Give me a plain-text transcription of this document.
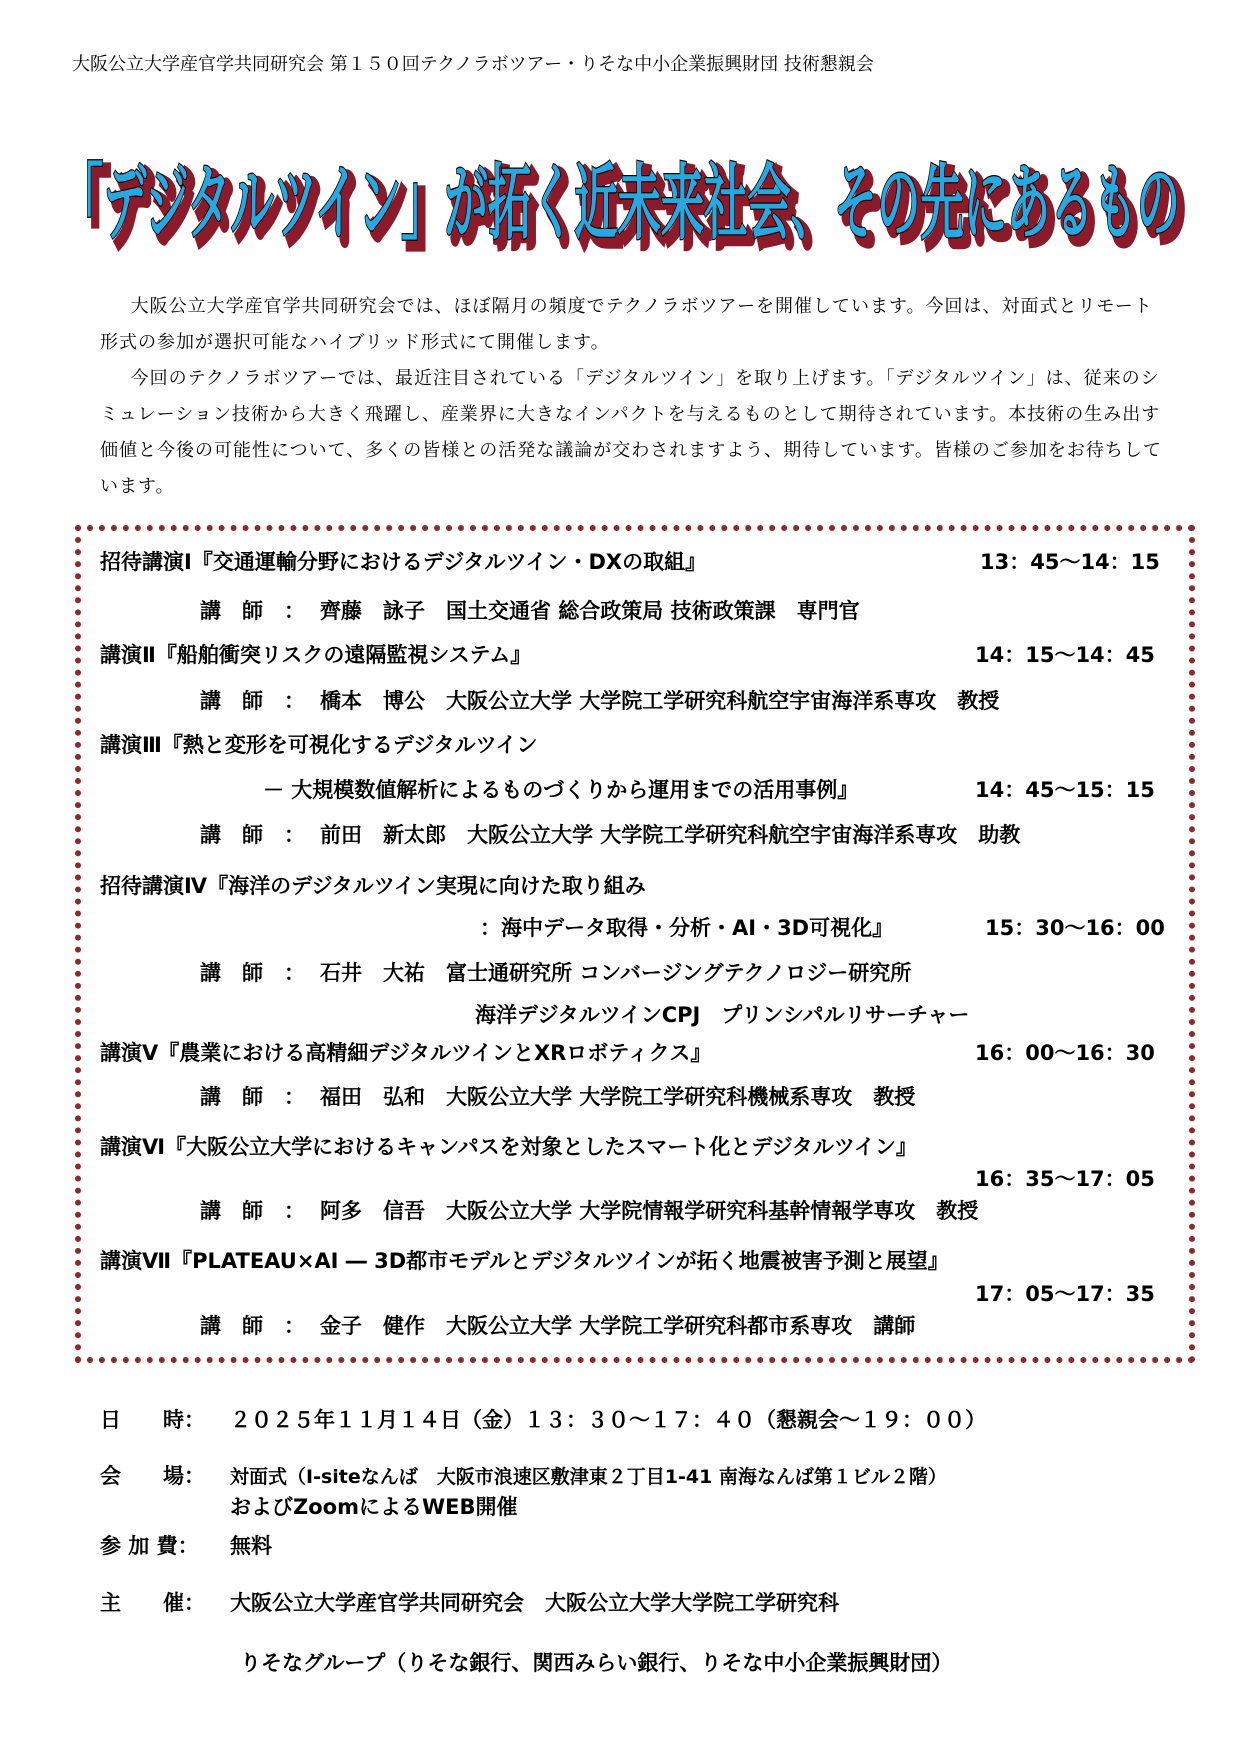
大阪公立大学産官学共同研究会 第１５０回テクノラボツアー・りそな中小企業振興財団 技術懇親会
「デジタルツイン」が拓く近未来社会、その先にあるもの
「デジタルツイン」が拓く近未来社会、その先にあるもの

大阪公立大学産官学共同研究会では、ほぼ隔月の頻度でテクノラボツアーを開催しています。今回は、対面式とリモート形式の参加が選択可能なハイブリッド形式にて開催します。

今回のテクノラボツアーでは、最近注目されている「デジタルツイン」を取り上げます。「デジタルツイン」は、従来のシミュレーション技術から大きく飛躍し、産業界に大きなインパクトを与えるものとして期待されています。本技術の生み出す価値と今後の可能性について、多くの皆様との活発な議論が交わされますよう、期待しています。皆様のご参加をお待ちしています。

招待講演Ⅰ『交通運輸分野におけるデジタルツイン・DXの取組』	13：45～14：15
講　師　： 齊藤　詠子　国土交通省 総合政策局 技術政策課　専門官
講演Ⅱ『船舶衝突リスクの遠隔監視システム』	14：15～14：45
講　師　： 橋本　博公　大阪公立大学 大学院工学研究科航空宇宙海洋系専攻　教授
講演Ⅲ『熱と変形を可視化するデジタルツイン
－ 大規模数値解析によるものづくりから運用までの活用事例』	14：45～15：15
講　師　： 前田　新太郎　大阪公立大学 大学院工学研究科航空宇宙海洋系専攻　助教
招待講演Ⅳ『海洋のデジタルツイン実現に向けた取り組み
：海中データ取得・分析・AI・3D可視化』	15：30～16：00
講　師　： 石井　大祐　富士通研究所 コンバージングテクノロジー研究所
海洋デジタルツインCPJ　プリンシパルリサーチャー
講演Ⅴ『農業における高精細デジタルツインとXRロボティクス』	16：00～16：30
講　師　： 福田　弘和　大阪公立大学 大学院工学研究科機械系専攻　教授
講演Ⅵ『大阪公立大学におけるキャンパスを対象としたスマート化とデジタルツイン』
16：35～17：05
講　師　： 阿多　信吾　大阪公立大学 大学院情報学研究科基幹情報学専攻　教授
講演Ⅶ『PLATEAU×AI ― 3D都市モデルとデジタルツインが拓く地震被害予測と展望』
17：05～17：35
講　師　： 金子　健作　大阪公立大学 大学院工学研究科都市系専攻　講師
日　　時： ２０２５年１１月１４日（金）１３：３０～１７：４０（懇親会～１９：００）
会　　場： 対面式（I-siteなんば　大阪市浪速区敷津東２丁目1-41 南海なんば第１ビル２階）
およびZoomによるWEB開催
参 加 費： 無料
主　　催： 大阪公立大学産官学共同研究会　大阪公立大学大学院工学研究科
りそなグループ（りそな銀行、関西みらい銀行、りそな中小企業振興財団）
